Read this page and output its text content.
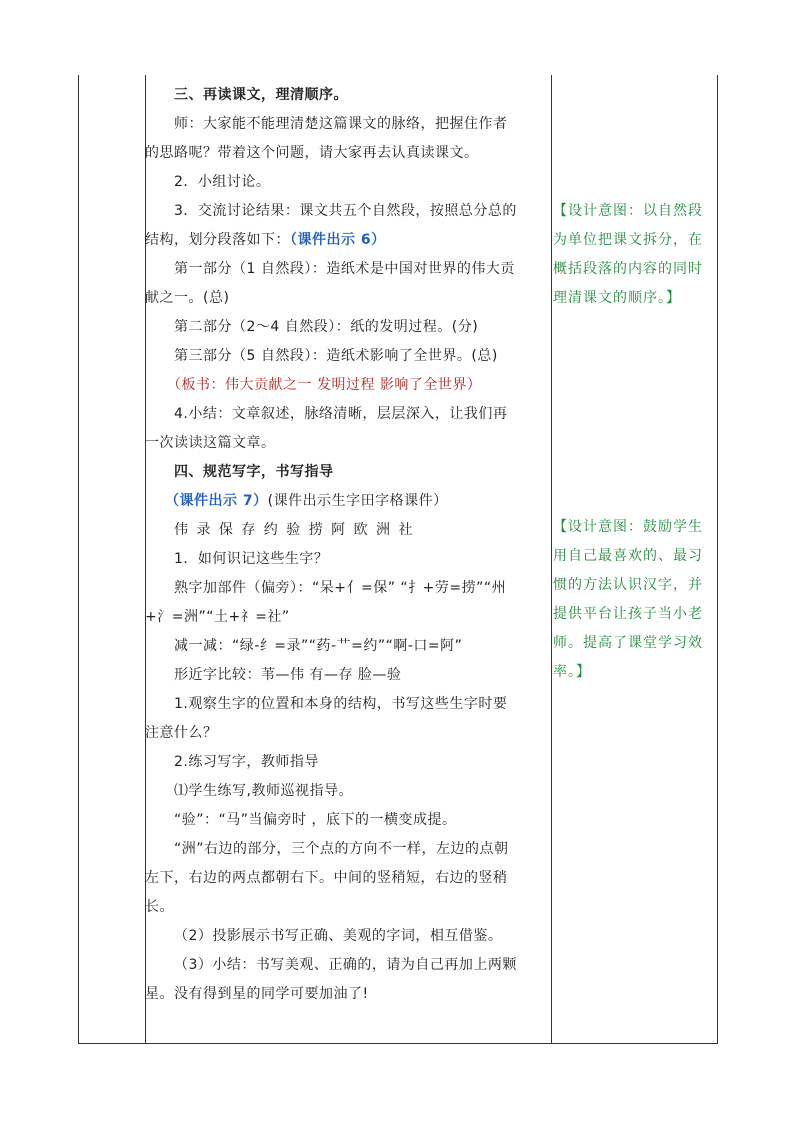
三、再读课文，理清顺序。
师：大家能不能理清楚这篇课文的脉络，把握住作者
的思路呢？带着这个问题，请大家再去认真读课文。
2．小组讨论。
3．交流讨论结果：课文共五个自然段，按照总分总的
结构，划分段落如下：（课件出示 6）
第一部分（1 自然段）：造纸术是中国对世界的伟大贡
献之一。(总)
第二部分（2～4 自然段）：纸的发明过程。(分)
第三部分（5 自然段）：造纸术影响了全世界。(总)
（板书：伟大贡献之一 发明过程 影响了全世界）
4.小结：文章叙述，脉络清晰，层层深入，让我们再
一次读读这篇文章。
四、规范写字，书写指导
（课件出示 7）(课件出示生字田字格课件）
伟 录 保 存 约 验 捞 阿 欧 洲 社
1．如何识记这些生字？
熟字加部件（偏旁）：“呆+亻=保” “扌+劳=捞”“州
+氵=洲”“土+礻=社”
减一减：“绿-纟=录”“药-艹=约”“啊-口=阿”
形近字比较：苇—伟 有—存 脸—验
1.观察生字的位置和本身的结构，书写这些生字时要
注意什么？
2.练习写字，教师指导
⑴学生练写,教师巡视指导。
“验”：“马”当偏旁时 ，底下的一横变成提。
“洲”右边的部分，三个点的方向不一样，左边的点朝
左下，右边的两点都朝右下。中间的竖稍短，右边的竖稍
长。
（2）投影展示书写正确、美观的字词，相互借鉴。
（3）小结：书写美观、正确的，请为自己再加上两颗
星。没有得到星的同学可要加油了!
【设计意图：以自然段
为单位把课文拆分，在
概括段落的内容的同时
理清课文的顺序。】
【设计意图：鼓励学生
用自己最喜欢的、最习
惯的方法认识汉字，并
提供平台让孩子当小老
师。提高了课堂学习效
率。】
